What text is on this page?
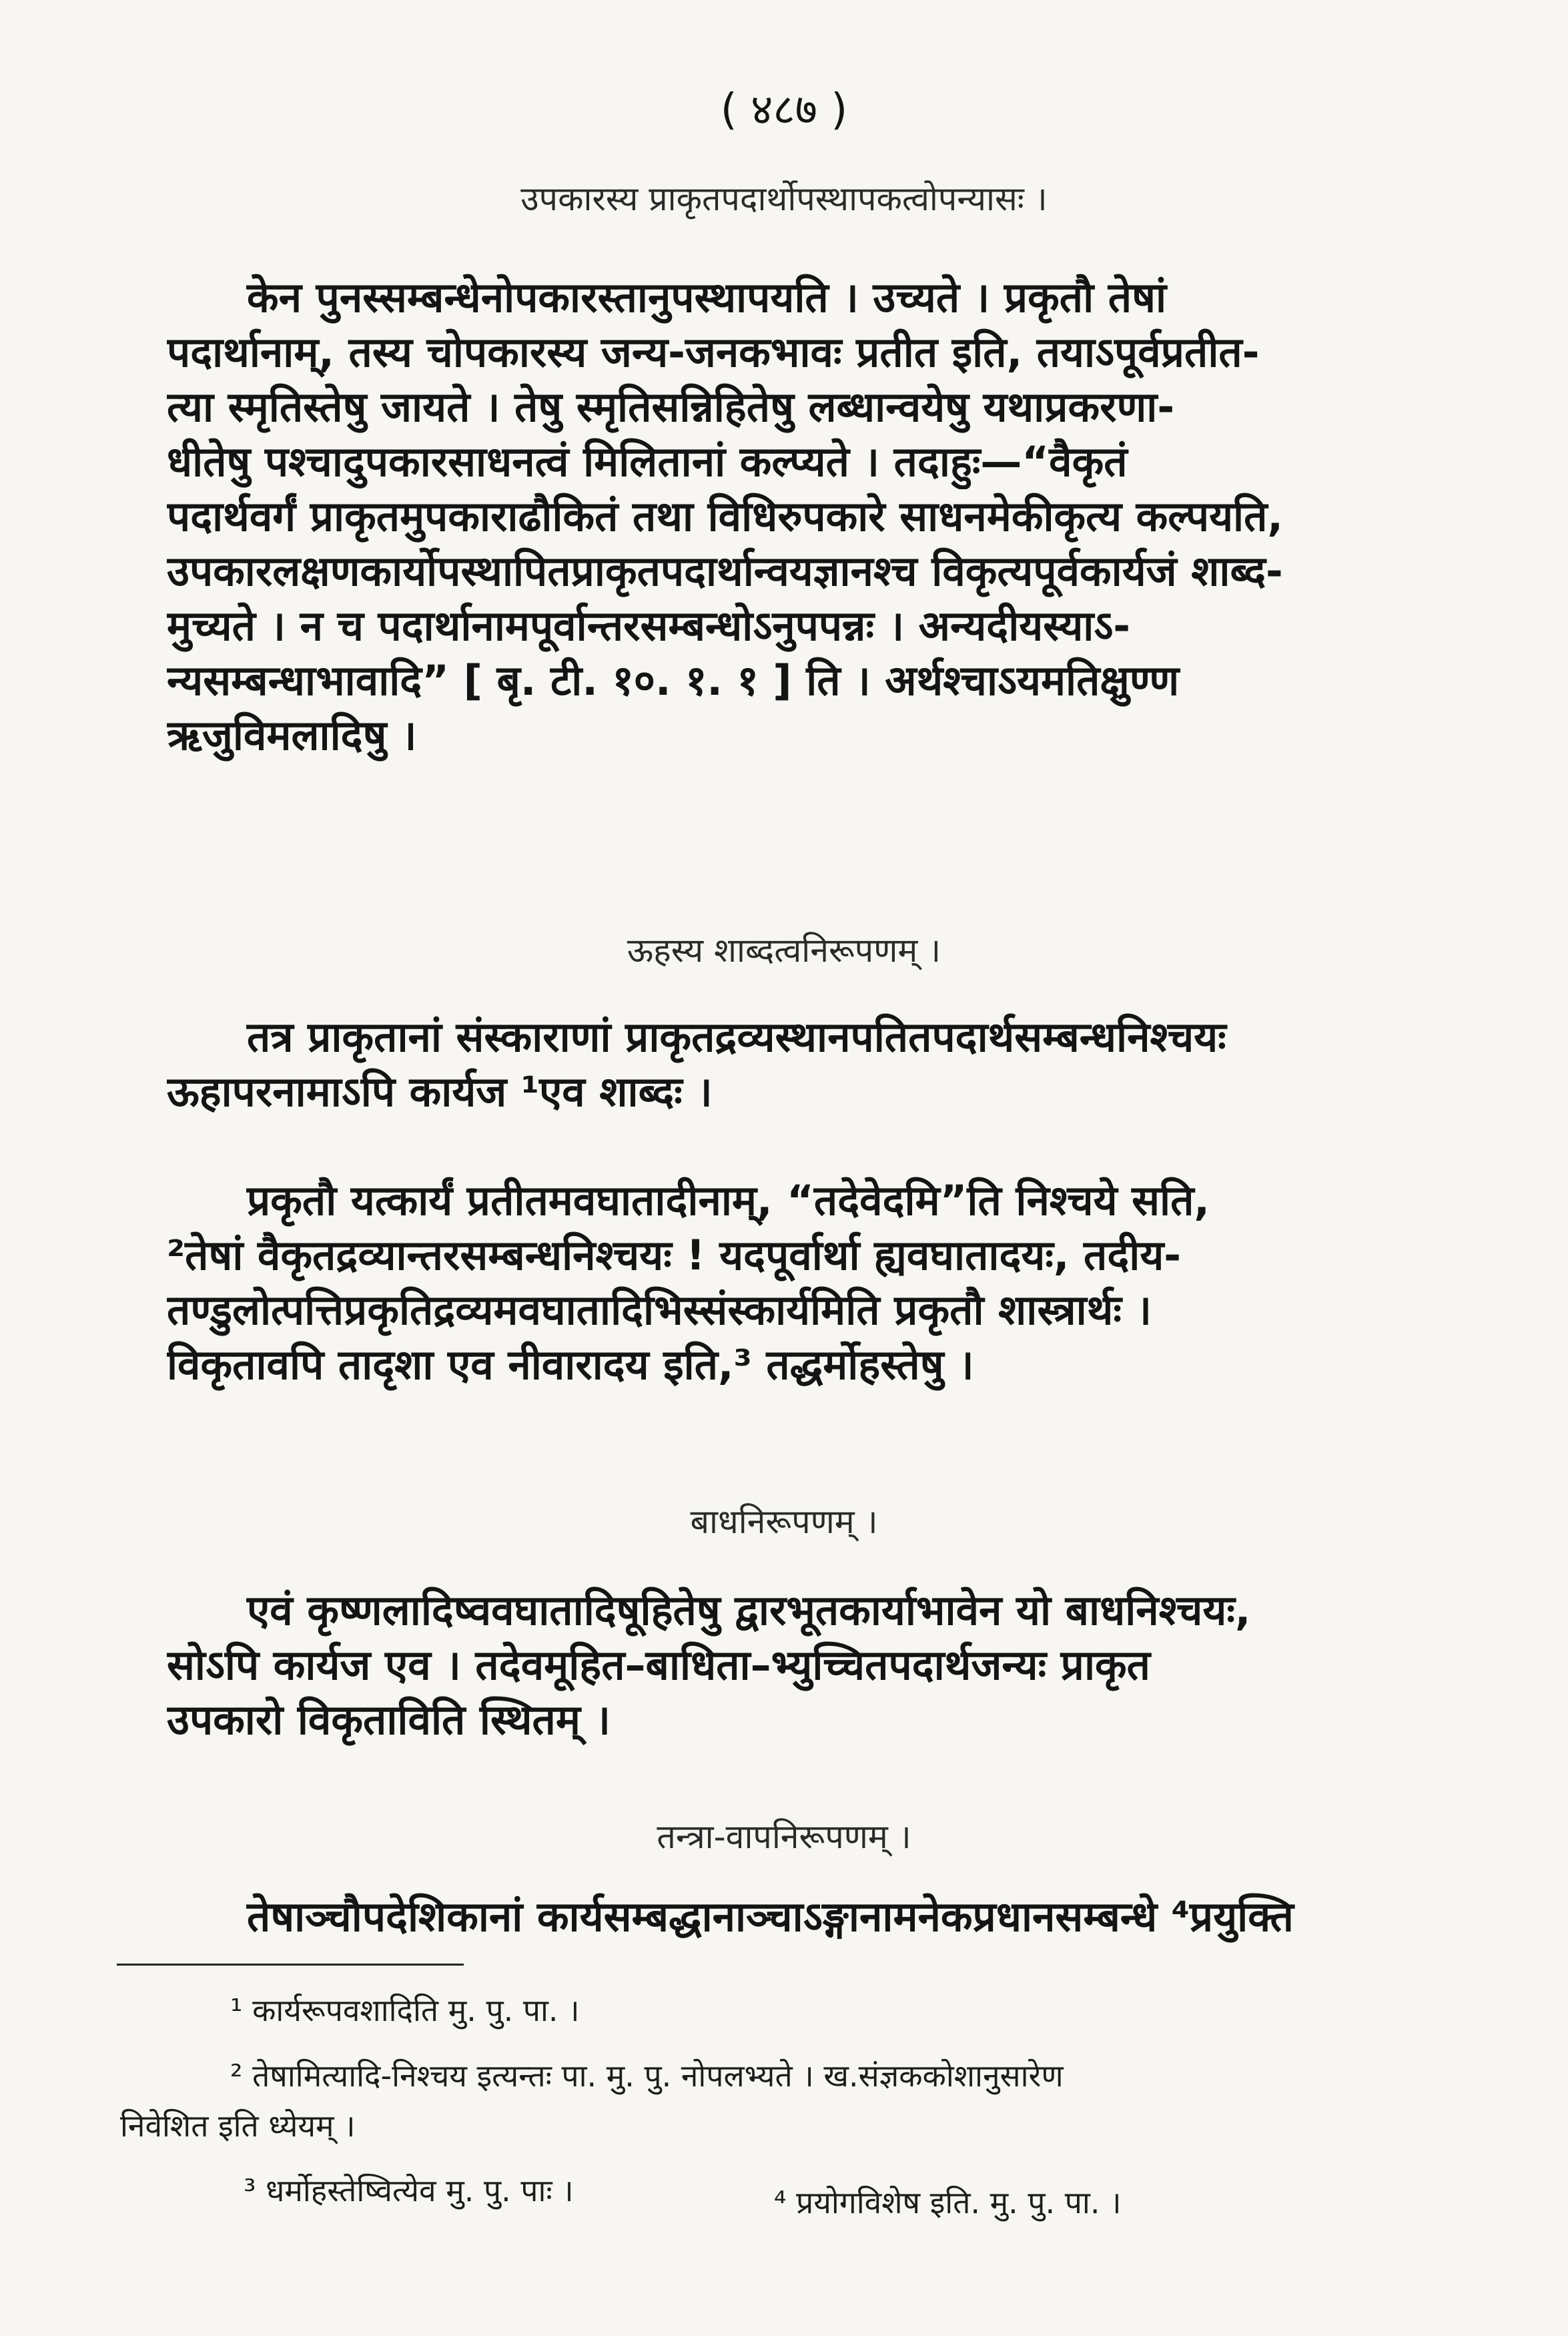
( ४८७ )
उपकारस्य प्राकृतपदार्थोपस्थापकत्वोपन्यासः ।
केन पुनस्सम्बन्धेनोपकारस्तानुपस्थापयति । उच्यते । प्रकृतौ तेषां
पदार्थानाम्, तस्य चोपकारस्य जन्य-जनकभावः प्रतीत इति, तयाऽपूर्वप्रतीत-
त्या स्मृतिस्तेषु जायते । तेषु स्मृतिसन्निहितेषु लब्धान्वयेषु यथाप्रकरणा-
धीतेषु पश्चादुपकारसाधनत्वं मिलितानां कल्प्यते । तदाहुः—“वैकृतं
पदार्थवर्गं प्राकृतमुपकाराढौकितं तथा विधिरुपकारे साधनमेकीकृत्य कल्पयति,
उपकारलक्षणकार्योपस्थापितप्राकृतपदार्थान्वयज्ञानश्च विकृत्यपूर्वकार्यजं शाब्द-
मुच्यते । न च पदार्थानामपूर्वान्तरसम्बन्धोऽनुपपन्नः । अन्यदीयस्याऽ-
न्यसम्बन्धाभावादि” [ बृ. टी. १०. १. १ ] ति । अर्थश्चाऽयमतिक्षुण्ण
ऋजुविमलादिषु ।
ऊहस्य शाब्दत्वनिरूपणम् ।
तत्र प्राकृतानां संस्काराणां प्राकृतद्रव्यस्थानपतितपदार्थसम्बन्धनिश्चयः
ऊहापरनामाऽपि कार्यज ¹एव शाब्दः ।
प्रकृतौ यत्कार्यं प्रतीतमवघातादीनाम्, “तदेवेदमि”ति निश्चये सति,
²तेषां वैकृतद्रव्यान्तरसम्बन्धनिश्चयः ! यदपूर्वार्था ह्यवघातादयः, तदीय-
तण्डुलोत्पत्तिप्रकृतिद्रव्यमवघातादिभिस्संस्कार्यमिति प्रकृतौ शास्त्रार्थः ।
विकृतावपि तादृशा एव नीवारादय इति,³ तद्धर्मोहस्तेषु ।
बाधनिरूपणम् ।
एवं कृष्णलादिष्ववघातादिषूहितेषु द्वारभूतकार्याभावेन यो बाधनिश्चयः,
सोऽपि कार्यज एव । तदेवमूहित–बाधिता–भ्युच्चितपदार्थजन्यः प्राकृत
उपकारो विकृताविति स्थितम् ।
तन्त्रा-वापनिरूपणम् ।
तेषाञ्चौपदेशिकानां कार्यसम्बद्धानाञ्चाऽङ्गानामनेकप्रधानसम्बन्धे ⁴प्रयुक्ति
¹ कार्यरूपवशादिति मु. पु. पा. ।
² तेषामित्यादि-निश्चय इत्यन्तः पा. मु. पु. नोपलभ्यते । ख.संज्ञककोशानुसारेण
निवेशित इति ध्येयम् ।
³ धर्मोहस्तेष्वित्येव मु. पु. पाः ।	⁴ प्रयोगविशेष इति. मु. पु. पा. ।
